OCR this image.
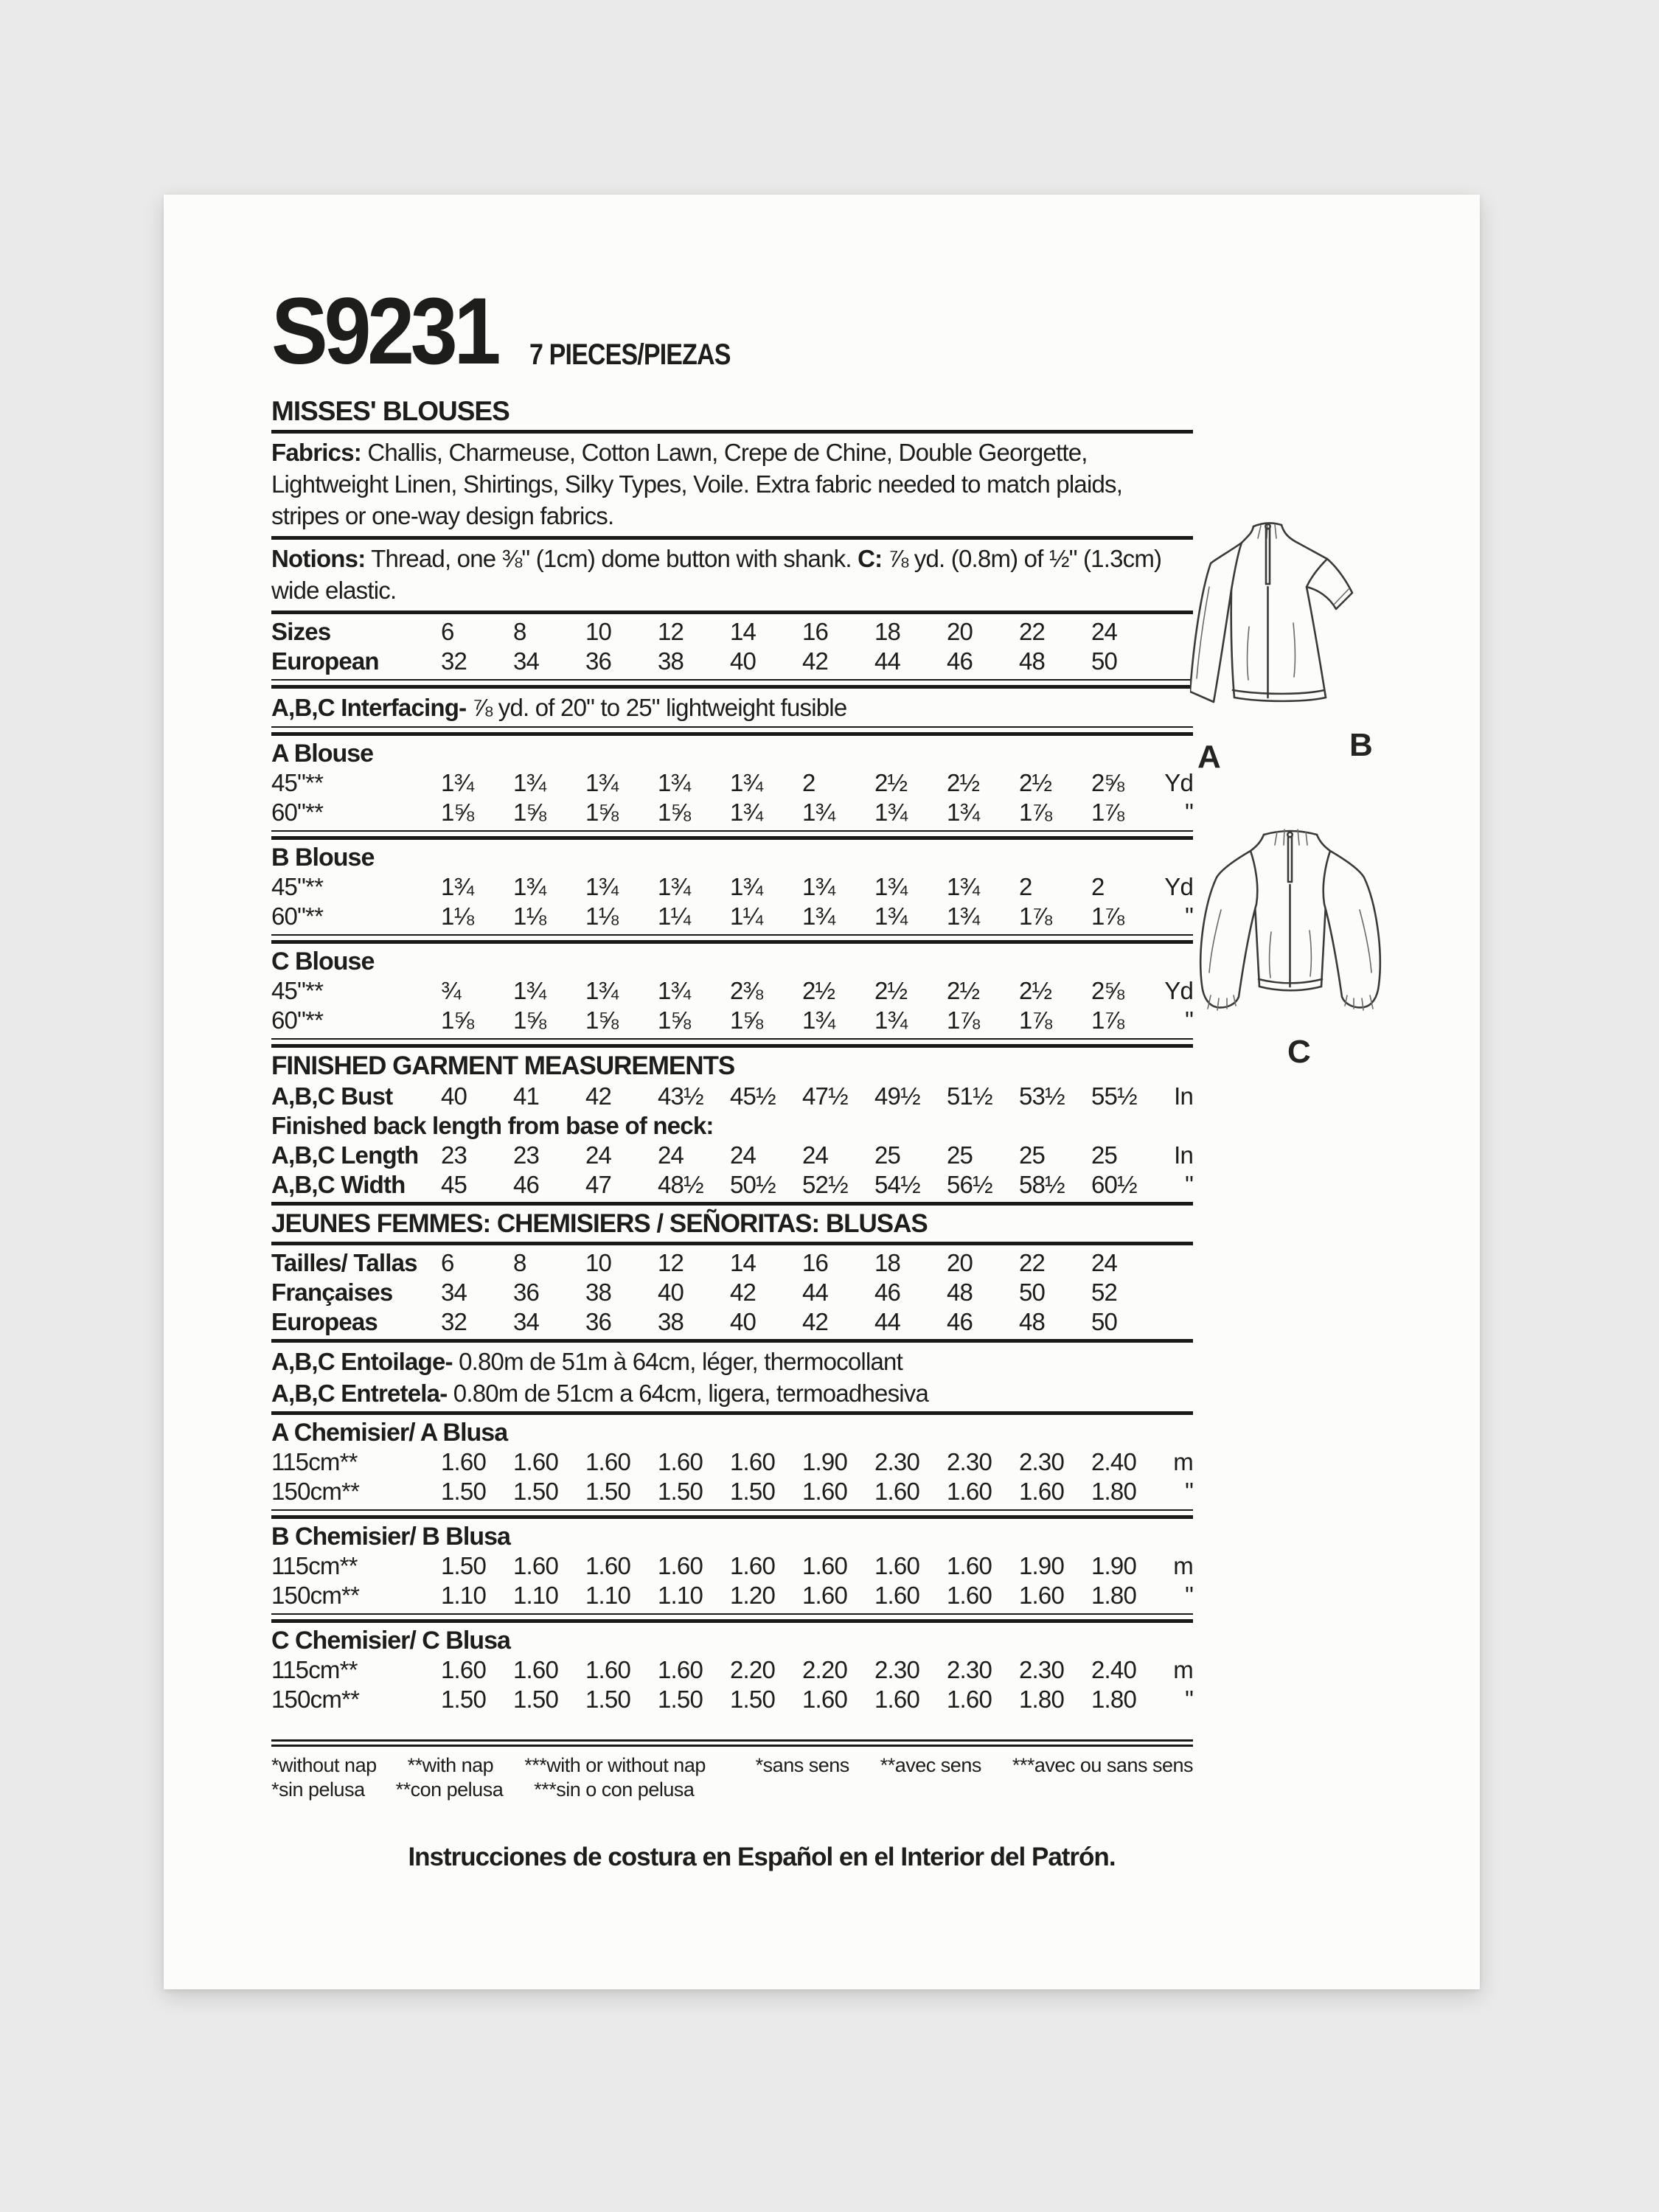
S9231 7 PIECES/PIEZAS
MISSES' BLOUSES
Fabrics: Challis, Charmeuse, Cotton Lawn, Crepe de Chine, Double Georgette, Lightweight Linen, Shirtings, Silky Types, Voile. Extra fabric needed to match plaids, stripes or one-way design fabrics.
Notions: Thread, one ⅜" (1cm) dome button with shank. C: ⅞ yd. (0.8m) of ½" (1.3cm) wide elastic.
Sizes	6	8	10	12	14	16	18	20	22	24
European	32	34	36	38	40	42	44	46	48	50
A,B,C Interfacing- ⅞ yd. of 20" to 25" lightweight fusible
A Blouse
45"**	1¾	1¾	1¾	1¾	1¾	2	2½	2½	2½	2⅝	Yd
60"**	1⅝	1⅝	1⅝	1⅝	1¾	1¾	1¾	1¾	1⅞	1⅞	"
B Blouse
45"**	1¾	1¾	1¾	1¾	1¾	1¾	1¾	1¾	2	2	Yd
60"**	1⅛	1⅛	1⅛	1¼	1¼	1¾	1¾	1¾	1⅞	1⅞	"
C Blouse
45"**	¾	1¾	1¾	1¾	2⅜	2½	2½	2½	2½	2⅝	Yd
60"**	1⅝	1⅝	1⅝	1⅝	1⅝	1¾	1¾	1⅞	1⅞	1⅞	"
FINISHED GARMENT MEASUREMENTS
A,B,C Bust	40	41	42	43½	45½	47½	49½	51½	53½	55½	In
Finished back length from base of neck:
A,B,C Length 23	23	24	24	24	24	25	25	25	25	In
A,B,C Width	45	46	47	48½	50½	52½	54½	56½	58½	60½	"
JEUNES FEMMES: CHEMISIERS / SEÑORITAS: BLUSAS
Tailles/ Tallas 6	8	10	12	14	16	18	20	22	24
Françaises	34	36	38	40	42	44	46	48	50	52
Europeas	32	34	36	38	40	42	44	46	48	50
A,B,C Entoilage- 0.80m de 51m à 64cm, léger, thermocollant
A,B,C Entretela- 0.80m de 51cm a 64cm, ligera, termoadhesiva
A Chemisier/ A Blusa
115cm**	1.60	1.60	1.60	1.60	1.60	1.90	2.30	2.30	2.30	2.40	m
150cm**	1.50	1.50	1.50	1.50	1.50	1.60	1.60	1.60	1.60	1.80	"
B Chemisier/ B Blusa
115cm**	1.50	1.60	1.60	1.60	1.60	1.60	1.60	1.60	1.90	1.90	m
150cm**	1.10	1.10	1.10	1.10	1.20	1.60	1.60	1.60	1.60	1.80	"
C Chemisier/ C Blusa
115cm**	1.60	1.60	1.60	1.60	2.20	2.20	2.30	2.30	2.30	2.40	m
150cm**	1.50	1.50	1.50	1.50	1.50	1.60	1.60	1.60	1.80	1.80	"
*without nap **with nap ***with or without nap	*sans sens **avec sens ***avec ou sans sens
*sin pelusa **con pelusa ***sin o con pelusa
Instrucciones de costura en Español en el Interior del Patrón.
A	B
C
